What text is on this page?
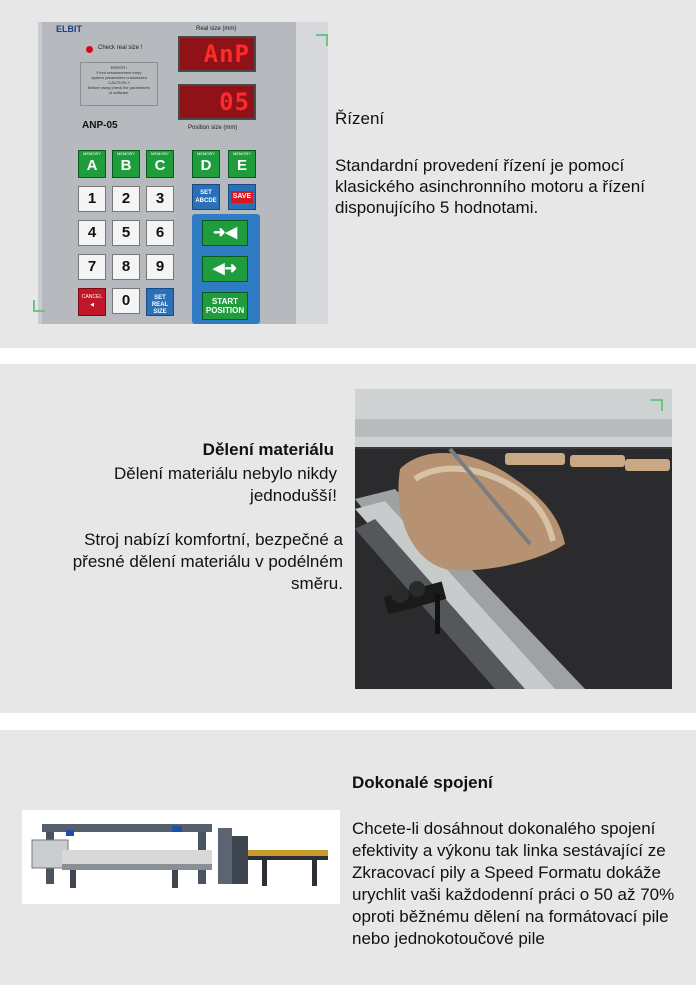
ELBIT
Check real size !
ERROR !
Front measurement entry
system parameters customized
CAUTION !!
Before using check the parameters
of software.
ANP-05
Real size (mm)
AnP
05
Position size (mm)
MEMORY
A
MEMORY
B
MEMORY
C
MEMORY
D
MEMORY
E
1	2	3
4	5	6
7	8	9
0
CANCEL
◀
SET REAL SIZE
SET ABCDE
SAVE
➜◀
◀➜
START
POSITION
Řízení
Standardní provedení řízení je pomocí klasického asinchronního motoru a řízení disponujícího 5 hodnotami.
Dělení materiálu
Dělení materiálu nebylo nikdy jednodušší!
Stroj nabízí komfortní, bezpečné a přesné dělení materiálu v podélném směru.
Dokonalé spojení
Chcete-li dosáhnout dokonalého spojení efektivity a výkonu tak linka sestávající ze Zkracovací pily a Speed Formatu dokáže urychlit vaši každodenní práci o 50 až 70% oproti běžnému dělení na formátovací pile nebo jednokotoučové pile
